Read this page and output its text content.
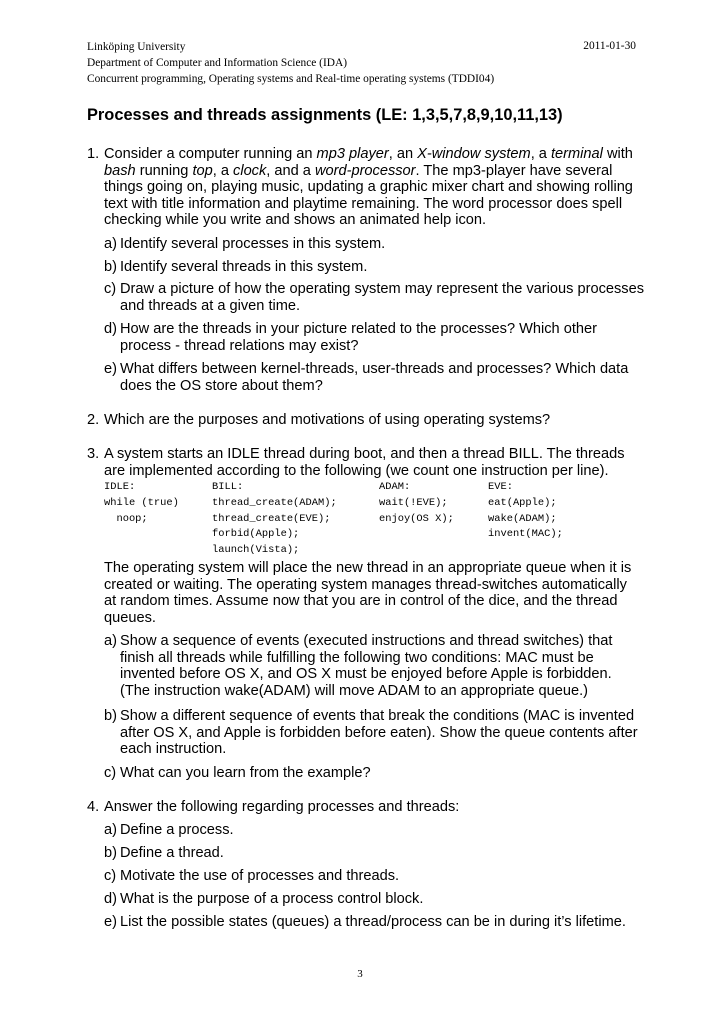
Linköping University
Department of Computer and Information Science (IDA)
Concurrent programming, Operating systems and Real-time operating systems (TDDI04)
2011-01-30
Processes and threads assignments (LE: 1,3,5,7,8,9,10,11,13)
1. Consider a computer running an mp3 player, an X-window system, a terminal with bash running top, a clock, and a word-processor. The mp3-player have several things going on, playing music, updating a graphic mixer chart and showing rolling text with title information and playtime remaining. The word processor does spell checking while you write and shows an animated help icon.
a) Identify several processes in this system.
b) Identify several threads in this system.
c) Draw a picture of how the operating system may represent the various processes and threads at a given time.
d) How are the threads in your picture related to the processes? Which other process - thread relations may exist?
e) What differs between kernel-threads, user-threads and processes? Which data does the OS store about them?
2. Which are the purposes and motivations of using operating systems?
3. A system starts an IDLE thread during boot, and then a thread BILL. The threads are implemented according to the following (we count one instruction per line).
IDLE:
while (true)
noop;
BILL:
thread_create(ADAM);
thread_create(EVE);
forbid(Apple);
launch(Vista);
ADAM:
wait(!EVE);
enjoy(OS X);
EVE:
eat(Apple);
wake(ADAM);
invent(MAC);
The operating system will place the new thread in an appropriate queue when it is created or waiting. The operating system manages thread-switches automatically at random times. Assume now that you are in control of the dice, and the thread queues.
a) Show a sequence of events (executed instructions and thread switches) that finish all threads while fulfilling the following two conditions: MAC must be invented before OS X, and OS X must be enjoyed before Apple is forbidden. (The instruction wake(ADAM) will move ADAM to an appropriate queue.)
b) Show a different sequence of events that break the conditions (MAC is invented after OS X, and Apple is forbidden before eaten). Show the queue contents after each instruction.
c) What can you learn from the example?
4. Answer the following regarding processes and threads:
a) Define a process.
b) Define a thread.
c) Motivate the use of processes and threads.
d) What is the purpose of a process control block.
e) List the possible states (queues) a thread/process can be in during it’s lifetime.
3
